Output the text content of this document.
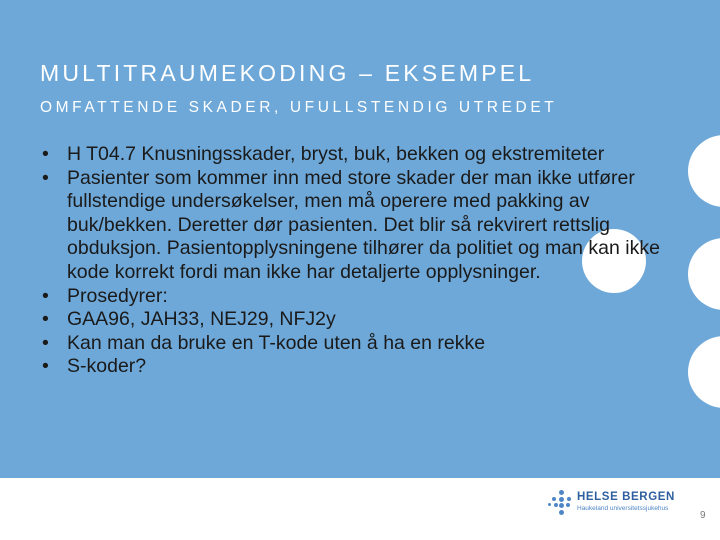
MULTITRAUMEKODING – EKSEMPEL
OMFATTENDE SKADER, UFULLSTENDIG UTREDET
• H T04.7 Knusningsskader, bryst, buk, bekken og ekstremiteter
• Pasienter som kommer inn med store skader der man ikke utfører fullstendige undersøkelser, men må operere med pakking av buk/bekken. Deretter dør pasienten. Det blir så rekvirert rettslig obduksjon. Pasientopplysningene tilhører da politiet og man kan ikke kode korrekt fordi man ikke har detaljerte opplysninger.
• Prosedyrer:
• GAA96, JAH33, NEJ29, NFJ2y
• Kan man da bruke en T-kode uten å ha en rekke
• S-koder?
HELSE BERGEN
Haukeland universitetssjukehus
9
